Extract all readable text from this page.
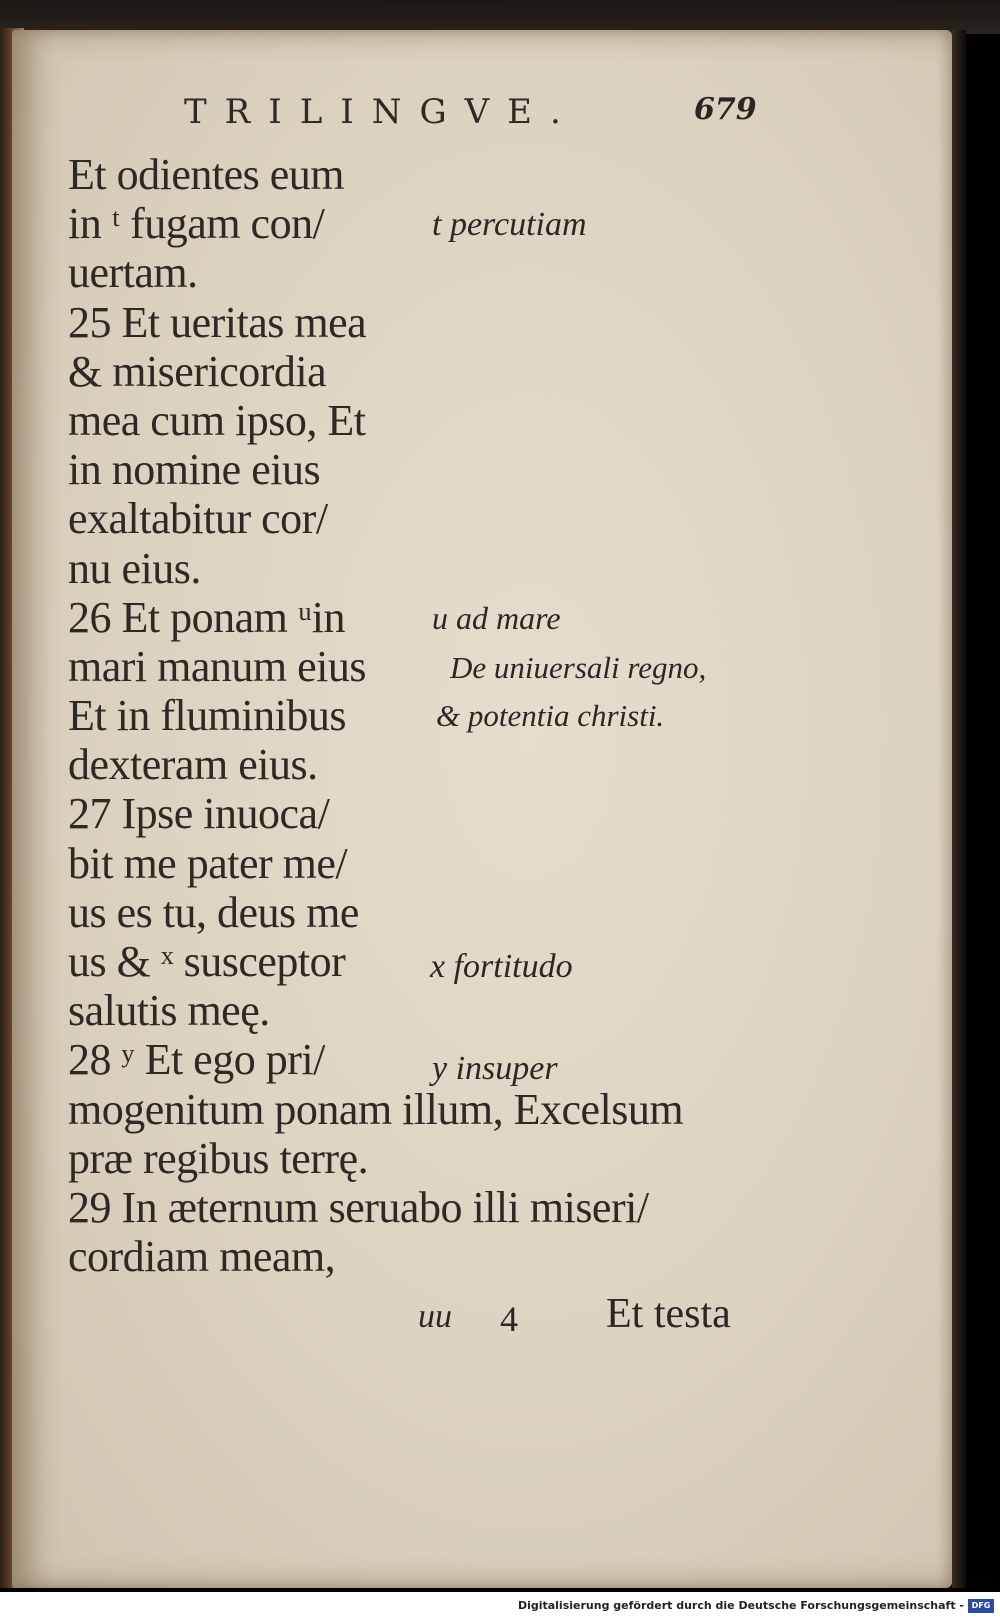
TRILINGVE.	679
Et odientes eum
in ᵗ fugam con/
uertam.
25 Et ueritas mea
& misericordia
mea cum ipso, Et
in nomine eius
exaltabitur cor/
nu eius.
26 Et ponam ᵘin
mari manum eius
Et in fluminibus
dexteram eius.
27 Ipse inuoca/
bit me pater me/
us es tu, deus me
us & ˣ susceptor
salutis meę.
28 ʸ Et ego pri/
mogenitum ponam illum, Excelsum
præ regibus terrę.
29 In æternum seruabo illi miseri/
cordiam meam,
t percutiam
u ad mare
De uniuersali regno,
& potentia christi.
x fortitudo
y insuper
uu 4 Et testa
Digitalisierung gefördert durch die Deutsche Forschungsgemeinschaft - DFG
